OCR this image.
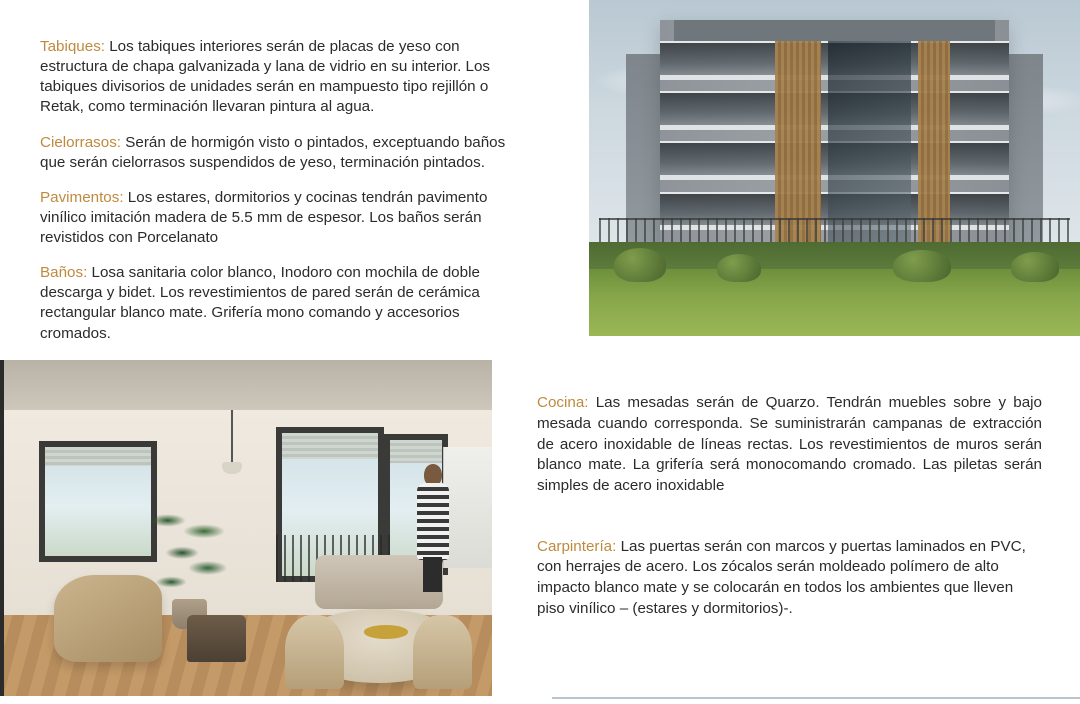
Tabiques: Los tabiques interiores serán de placas de yeso con estructura de chapa galvanizada y lana de vidrio en su interior. Los tabiques divisorios de unidades serán en mampuesto tipo rejillón o Retak, como terminación llevaran pintura al agua.

Cielorrasos: Serán de hormigón visto o pintados, exceptuando baños que serán cielorrasos suspendidos de yeso, terminación pintados.

Pavimentos: Los estares, dormitorios y cocinas tendrán pavimento vinílico imitación madera de 5.5 mm de espesor. Los baños serán revistidos con Porcelanato

Baños: Losa sanitaria color blanco, Inodoro con mochila de doble descarga y bidet. Los revestimientos de pared serán de cerámica rectangular blanco mate. Grifería mono comando y accesorios cromados.

Cocina: Las mesadas serán de Quarzo. Tendrán muebles sobre y bajo mesada cuando corresponda. Se suministrarán campanas de extracción de acero inoxidable de líneas rectas. Los revestimientos de muros serán blanco mate. La grifería será monocomando cromado. Las piletas serán simples de acero inoxidable

Carpintería: Las puertas serán con marcos y puertas laminados en PVC, con herrajes de acero. Los zócalos serán moldeado polímero de alto impacto blanco mate y se colocarán en todos los ambientes que lleven piso vinílico – (estares y dormitorios)-.
